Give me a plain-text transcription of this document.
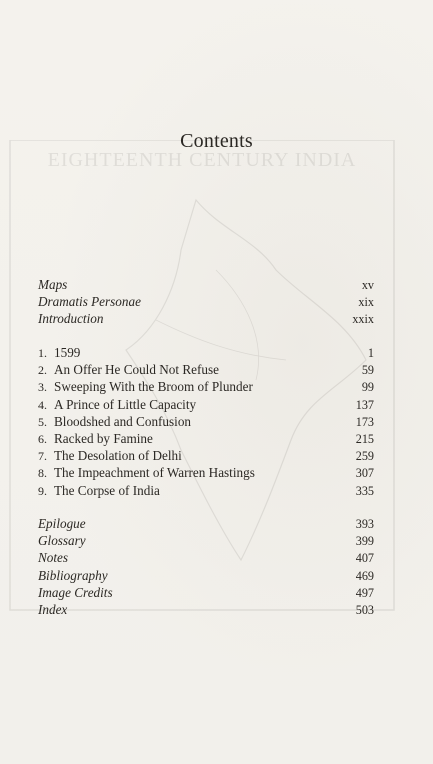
EIGHTEENTH CENTURY INDIA
Contents
Maps	xv
Dramatis Personae	xix
Introduction	xxix
1. 1599	1
2. An Offer He Could Not Refuse	59
3. Sweeping With the Broom of Plunder	99
4. A Prince of Little Capacity	137
5. Bloodshed and Confusion	173
6. Racked by Famine	215
7. The Desolation of Delhi	259
8. The Impeachment of Warren Hastings	307
9. The Corpse of India	335
Epilogue	393
Glossary	399
Notes	407
Bibliography	469
Image Credits	497
Index	503
